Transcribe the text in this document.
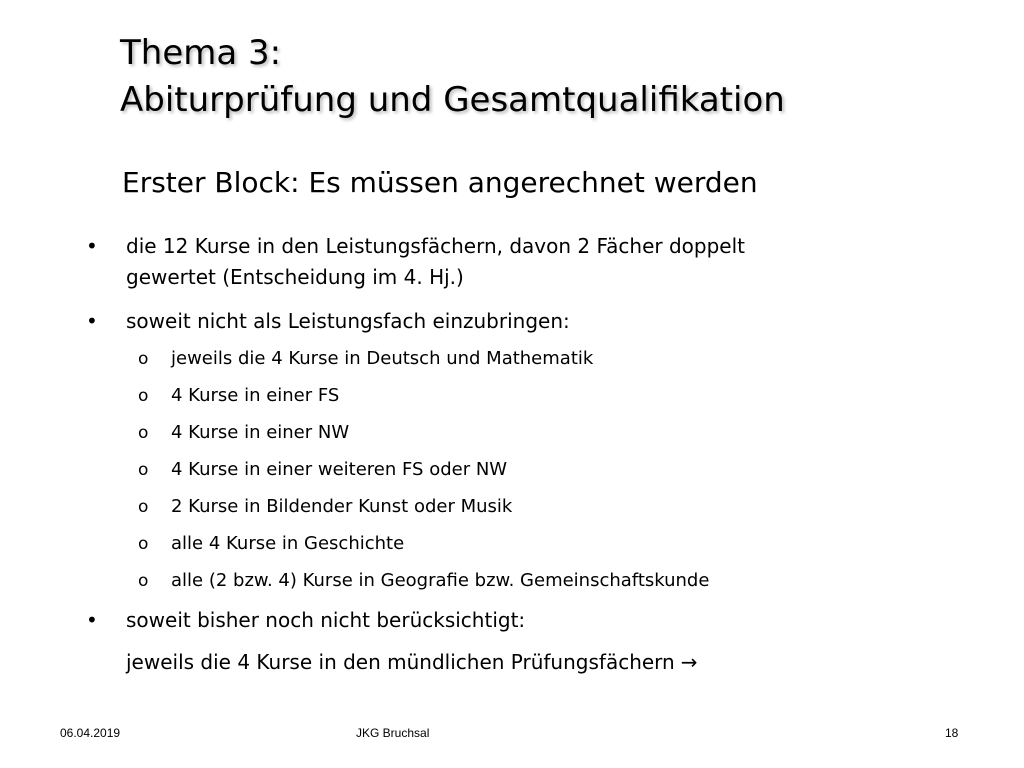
Thema 3:
Abiturprüfung und Gesamtqualifikation
Erster Block: Es müssen angerechnet werden
•	die 12 Kurse in den Leistungsfächern, davon 2 Fächer doppelt
gewertet (Entscheidung im 4. Hj.)
•	soweit nicht als Leistungsfach einzubringen:
o	jeweils die 4 Kurse in Deutsch und Mathematik
o	4 Kurse in einer FS
o	4 Kurse in einer NW
o	4 Kurse in einer weiteren FS oder NW
o	2 Kurse in Bildender Kunst oder Musik
o	alle 4 Kurse in Geschichte
o	alle (2 bzw. 4) Kurse in Geografie bzw. Gemeinschaftskunde
•	soweit bisher noch nicht berücksichtigt:
jeweils die 4 Kurse in den mündlichen Prüfungsfächern →
06.04.2019	JKG Bruchsal	18
